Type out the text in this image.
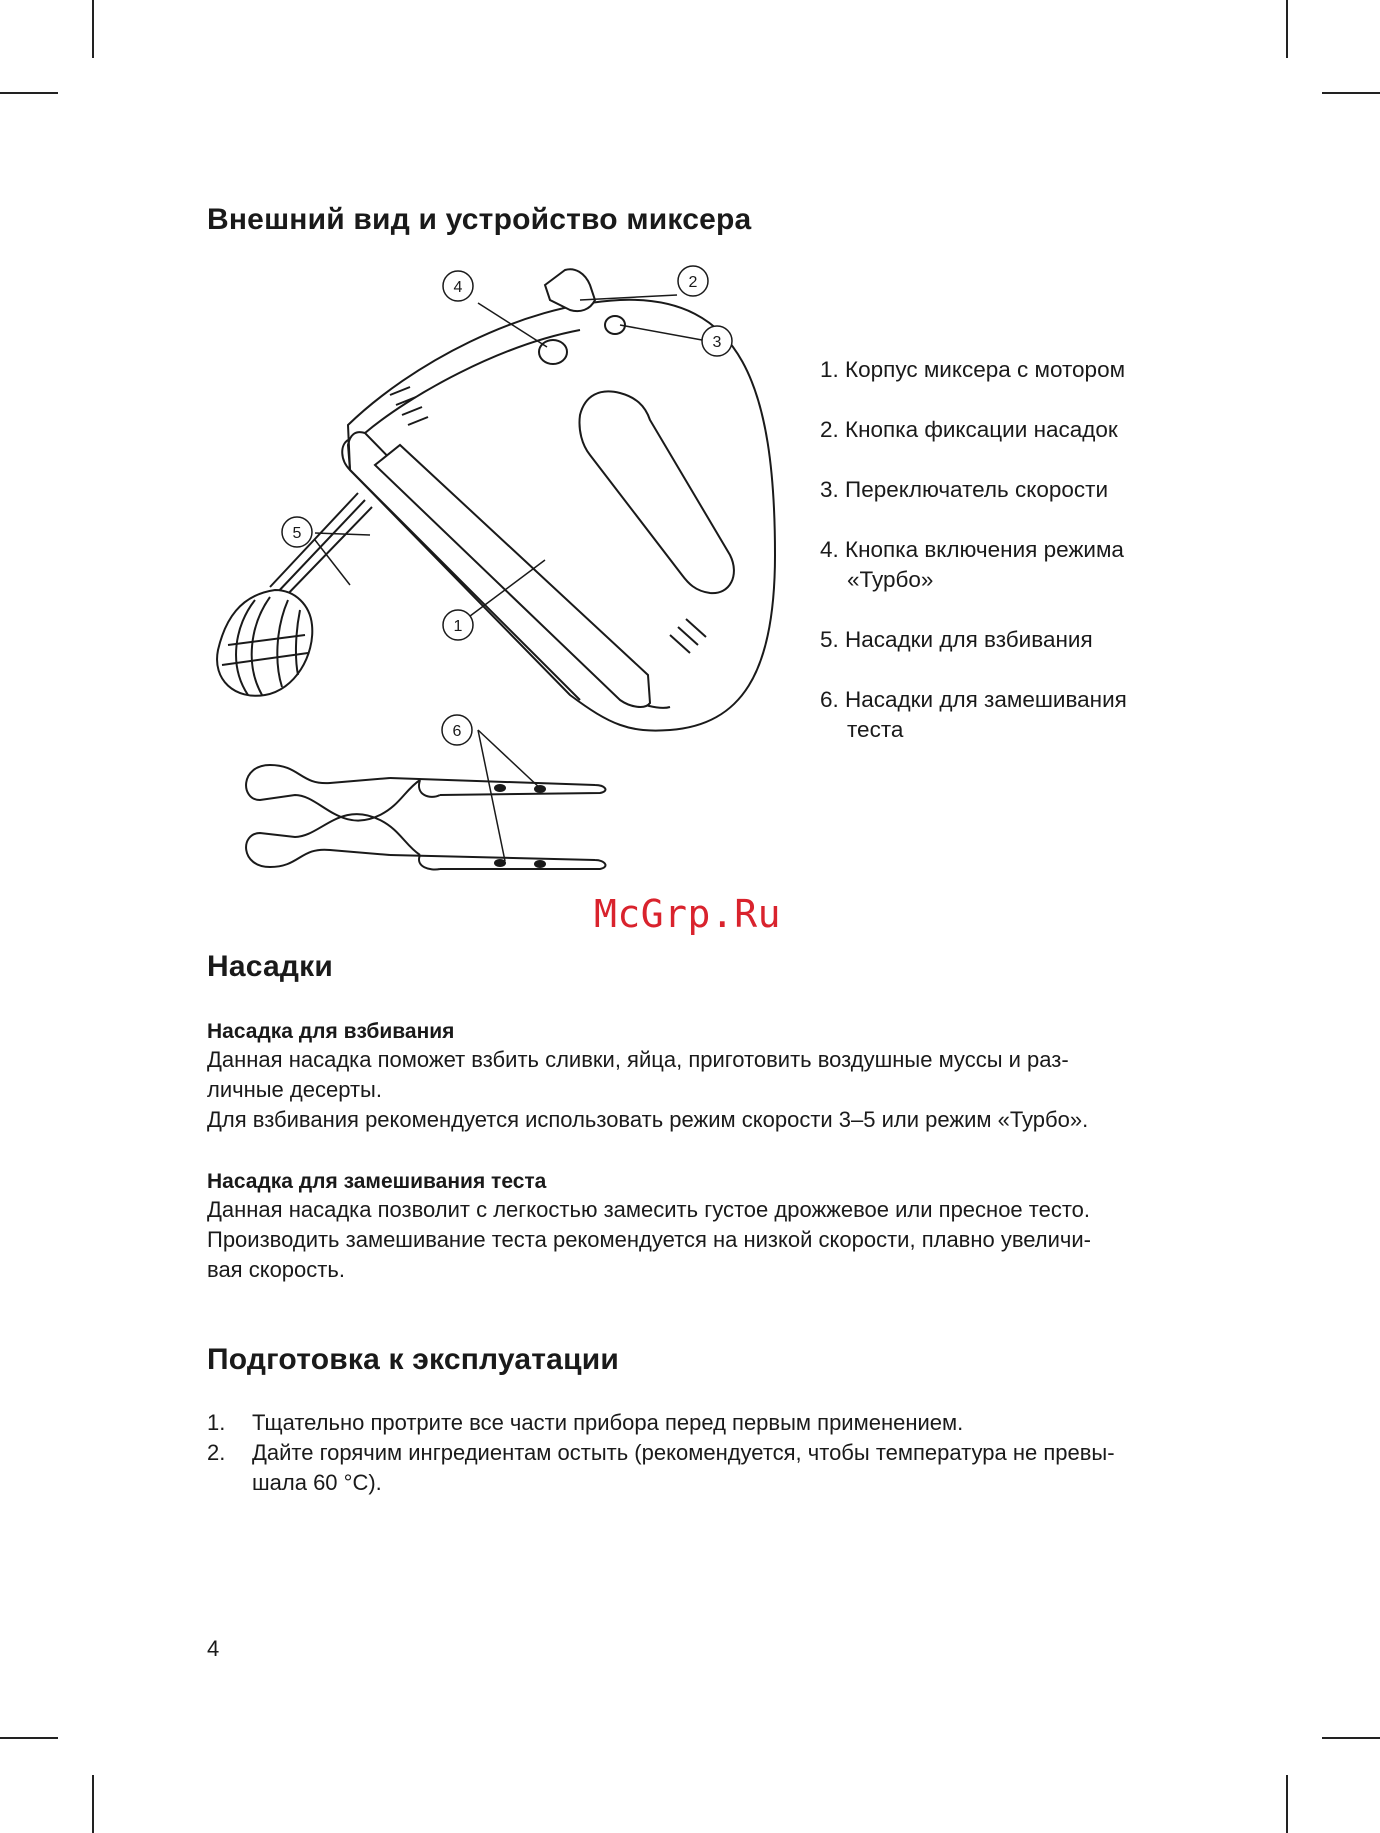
Внешний вид и устройство миксера
1
2
3
4
5
6
1. Корпус миксера с мотором
2. Кнопка фиксации насадок
3. Переключатель скорости
4. Кнопка включения режима
«Турбо»
5. Насадки для взбивания
6. Насадки для замешивания
теста
McGrp.Ru
Насадки
Насадка для взбивания
Данная насадка поможет взбить сливки, яйца, приготовить воздушные муссы и раз-
личные десерты.
Для взбивания рекомендуется использовать режим скорости 3–5 или режим «Турбо».
Насадка для замешивания теста
Данная насадка позволит с легкостью замесить густое дрожжевое или пресное тесто.
Производить замешивание теста рекомендуется на низкой скорости, плавно увеличи-
вая скорость.
Подготовка к эксплуатации
1. Тщательно протрите все части прибора перед первым применением.
2. Дайте горячим ингредиентам остыть (рекомендуется, чтобы температура не превы-
шала 60 °C).
4
